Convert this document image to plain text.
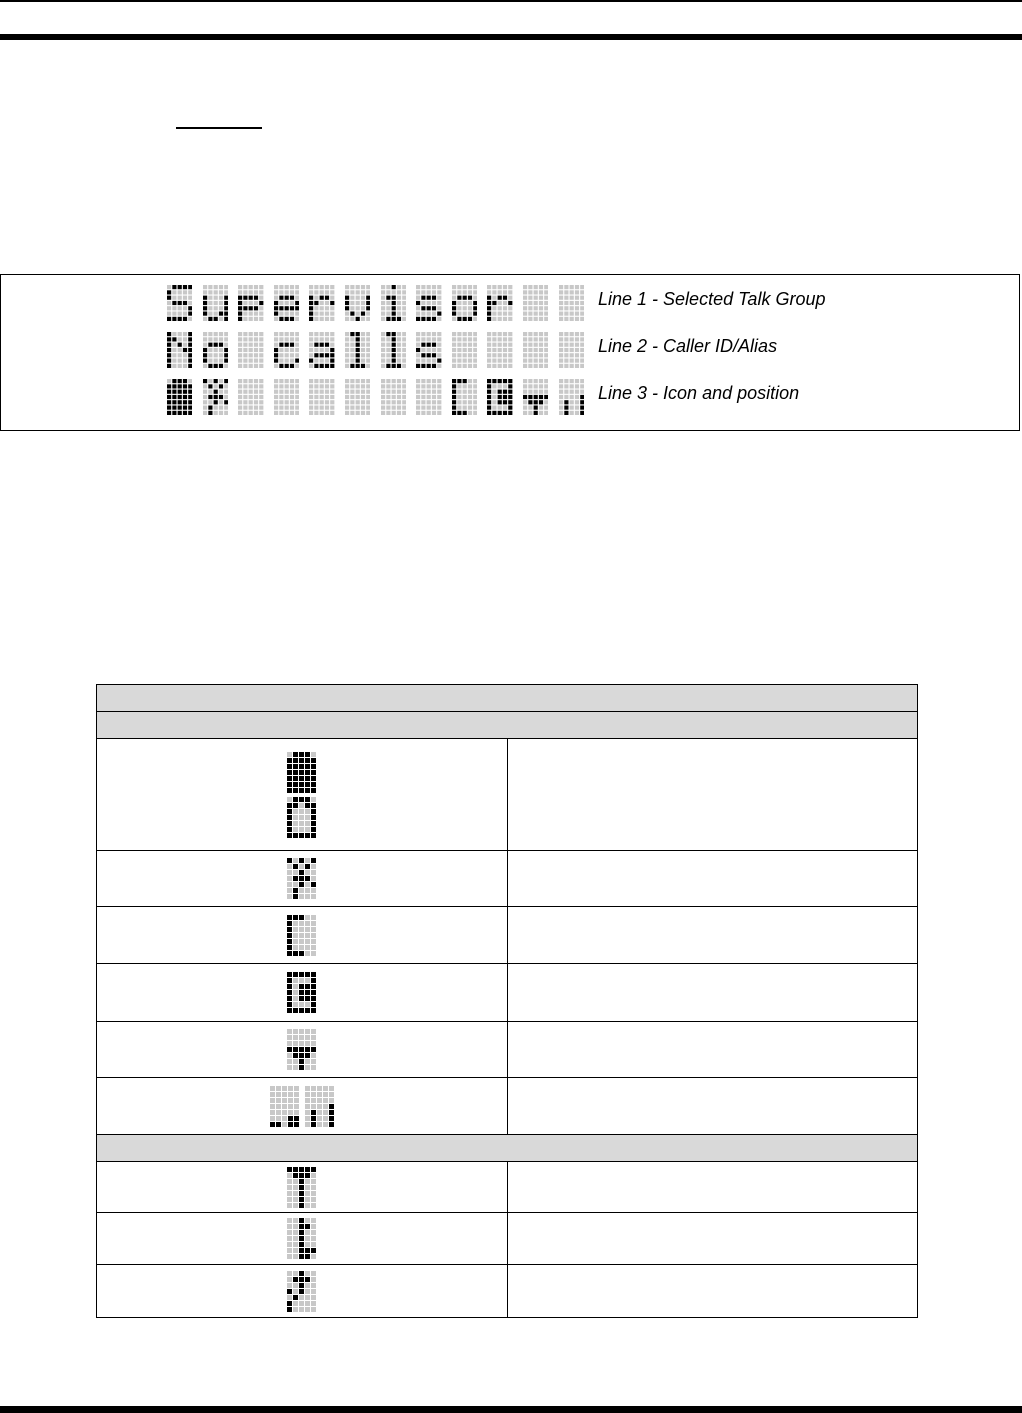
Line 1 - Selected Talk Group
Line 2 - Caller ID/Alias
Line 3 - Icon and position
